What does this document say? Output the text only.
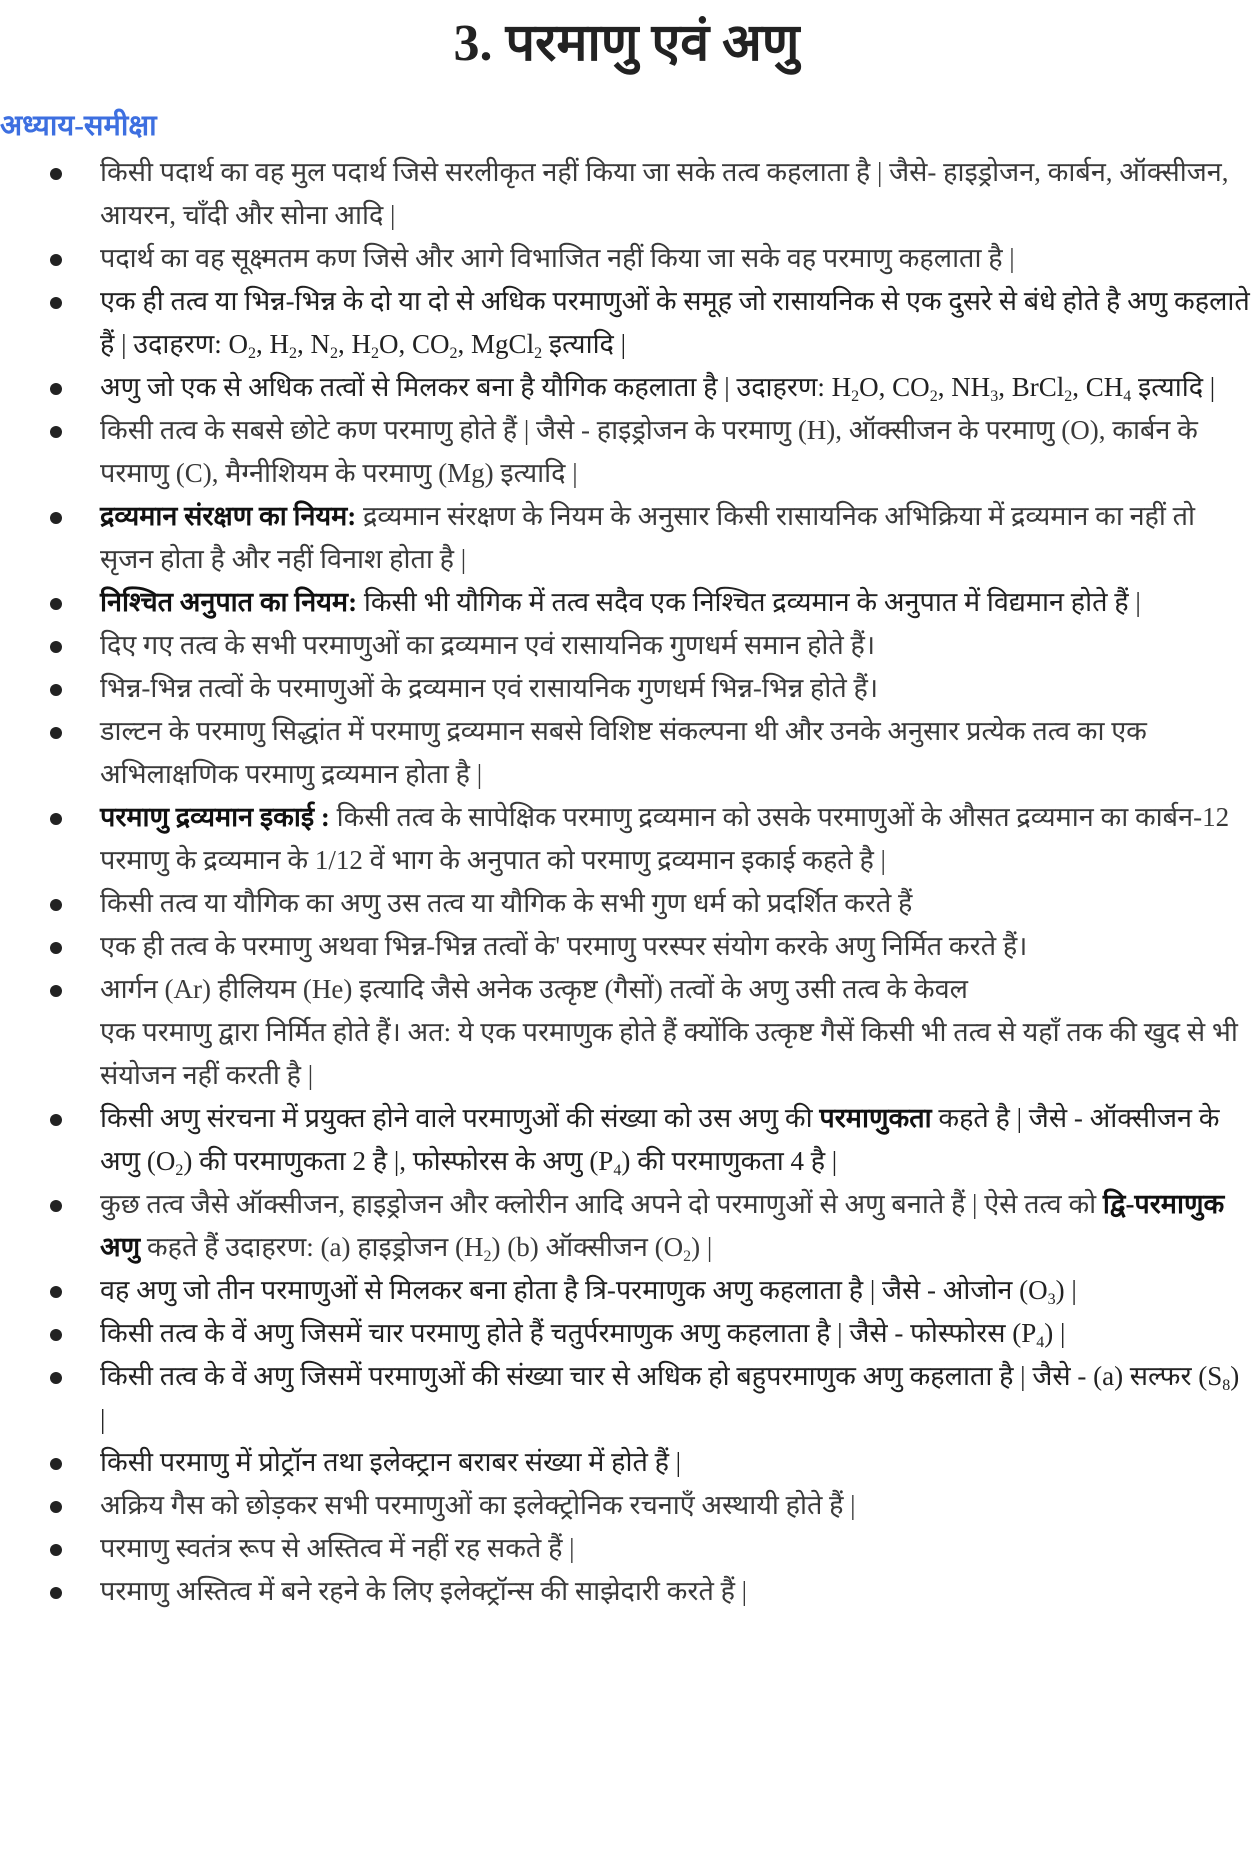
3. परमाणु एवं अणु
अध्याय-समीक्षा
किसी पदार्थ का वह मुल पदार्थ जिसे सरलीकृत नहीं किया जा सके तत्व कहलाता है | जैसे- हाइड्रोजन, कार्बन, ऑक्सीजन, आयरन, चाँदी और सोना आदि |
पदार्थ का वह सूक्ष्मतम कण जिसे और आगे विभाजित नहीं किया जा सके वह परमाणु कहलाता है |
एक ही तत्व या भिन्न-भिन्न के दो या दो से अधिक परमाणुओं के समूह जो रासायनिक से एक दुसरे से बंधे होते है अणु कहलाते हैं | उदाहरण: $O_2$, $H_2$, $N_2$, $H_2O$, $CO_2$, MgCl$_2$ इत्यादि |
अणु जो एक से अधिक तत्वों से मिलकर बना है यौगिक कहलाता है | उदाहरण: $H_2O$, $CO_2$, $NH_3$, BrCl$_2$, $CH_4$ इत्यादि |
किसी तत्व के सबसे छोटे कण परमाणु होते हैं | जैसे - हाइड्रोजन के परमाणु (H), ऑक्सीजन के परमाणु (O), कार्बन के परमाणु (C), मैग्नीशियम के परमाणु (Mg) इत्यादि |
द्रव्यमान संरक्षण का नियम: द्रव्यमान संरक्षण के नियम के अनुसार किसी रासायनिक अभिक्रिया में द्रव्यमान का नहीं तो सृजन होता है और नहीं विनाश होता है |
निश्चित अनुपात का नियम: किसी भी यौगिक में तत्व सदैव एक निश्चित द्रव्यमान के अनुपात में विद्यमान होते हैं |
दिए गए तत्व के सभी परमाणुओं का द्रव्यमान एवं रासायनिक गुणधर्म समान होते हैं।
भिन्न-भिन्न तत्वों के परमाणुओं के द्रव्यमान एवं रासायनिक गुणधर्म भिन्न-भिन्न होते हैं।
डाल्टन के परमाणु सिद्धांत में परमाणु द्रव्यमान सबसे विशिष्ट संकल्पना थी और उनके अनुसार प्रत्येक तत्व का एक अभिलाक्षणिक परमाणु द्रव्यमान होता है |
परमाणु द्रव्यमान इकाई : किसी तत्व के सापेक्षिक परमाणु द्रव्यमान को उसके परमाणुओं के औसत द्रव्यमान का कार्बन-12 परमाणु के द्रव्यमान के 1/12 वें भाग के अनुपात को परमाणु द्रव्यमान इकाई कहते है |
किसी तत्व या यौगिक का अणु उस तत्व या यौगिक के सभी गुण धर्म को प्रदर्शित करते हैं
एक ही तत्व के परमाणु अथवा भिन्न-भिन्न तत्वों के' परमाणु परस्पर संयोग करके अणु निर्मित करते हैं।
आर्गन (Ar) हीलियम (He) इत्यादि जैसे अनेक उत्कृष्ट (गैसों) तत्वों के अणु उसी तत्व के केवल
एक परमाणु द्वारा निर्मित होते हैं। अत: ये एक परमाणुक होते हैं क्योंकि उत्कृष्ट गैसें किसी भी तत्व से यहाँ तक की खुद से भी संयोजन नहीं करती है |
किसी अणु संरचना में प्रयुक्त होने वाले परमाणुओं की संख्या को उस अणु की परमाणुकता कहते है | जैसे - ऑक्सीजन के अणु $(O_2)$ की परमाणुकता 2 है |, फोस्फोरस के अणु $(P_4)$ की परमाणुकता 4 है |
कुछ तत्व जैसे ऑक्सीजन, हाइड्रोजन और क्लोरीन आदि अपने दो परमाणुओं से अणु बनाते हैं | ऐसे तत्व को द्वि-परमाणुक अणु कहते हैं उदाहरण: (a) हाइड्रोजन $(H_2)$ (b) ऑक्सीजन $(O_2)$ |
वह अणु जो तीन परमाणुओं से मिलकर बना होता है त्रि-परमाणुक अणु कहलाता है | जैसे - ओजोन $(O_3)$ |
किसी तत्व के वें अणु जिसमें चार परमाणु होते हैं चतुर्परमाणुक अणु कहलाता है | जैसे - फोस्फोरस $(P_4)$ |
किसी तत्व के वें अणु जिसमें परमाणुओं की संख्या चार से अधिक हो बहुपरमाणुक अणु कहलाता है | जैसे - (a) सल्फर $(S_8)$ |
किसी परमाणु में प्रोट्रॉन तथा इलेक्ट्रान बराबर संख्या में होते हैं |
अक्रिय गैस को छोड़कर सभी परमाणुओं का इलेक्ट्रोनिक रचनाएँ अस्थायी होते हैं |
परमाणु स्वतंत्र रूप से अस्तित्व में नहीं रह सकते हैं |
परमाणु अस्तित्व में बने रहने के लिए इलेक्ट्रॉन्स की साझेदारी करते हैं |
